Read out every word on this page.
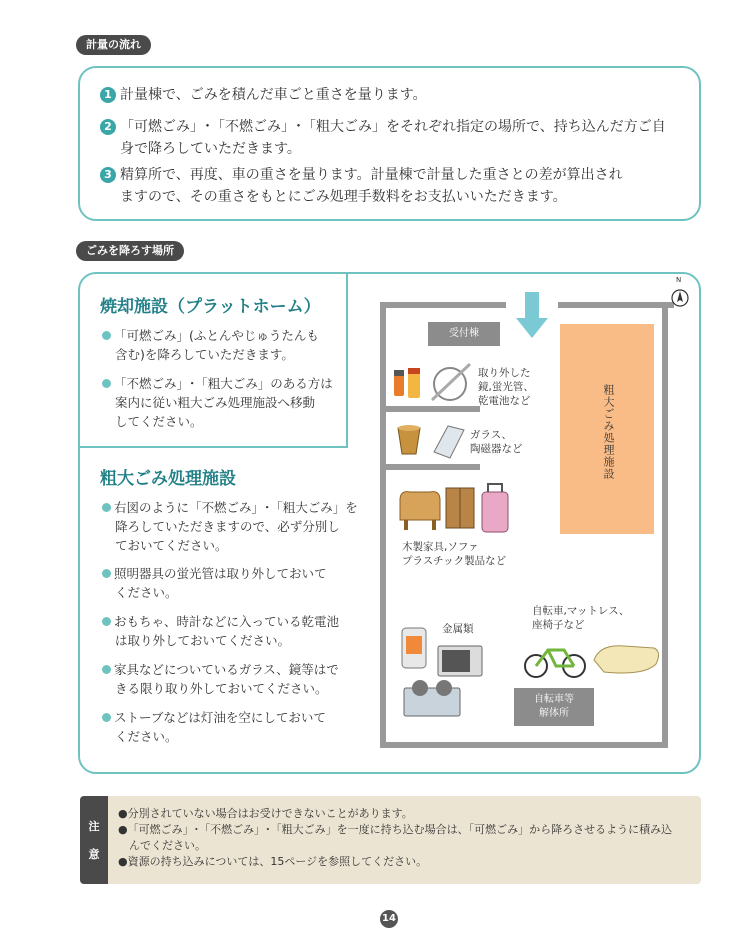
計量の流れ
1 計量棟で、ごみを積んだ車ごと重さを量ります。
2 「可燃ごみ」･「不燃ごみ」･「粗大ごみ」をそれぞれ指定の場所で、持ち込んだ方ご自
身で降ろしていただきます。
3 精算所で、再度、車の重さを量ります。計量棟で計量した重さとの差が算出され
ますので、その重さをもとにごみ処理手数料をお支払いいただきます。
ごみを降ろす場所
焼却施設（プラットホーム）
「可燃ごみ」(ふとんやじゅうたんも
含む)を降ろしていただきます。
「不燃ごみ」･「粗大ごみ」のある方は
案内に従い粗大ごみ処理施設へ移動
してください。
粗大ごみ処理施設
右図のように「不燃ごみ」･「粗大ごみ」を
降ろしていただきますので、必ず分別し
ておいてください。
照明器具の蛍光管は取り外しておいて
ください。
おもちゃ、時計などに入っている乾電池
は取り外しておいてください。
家具などについているガラス、鏡等はで
きる限り取り外しておいてください。
ストーブなどは灯油を空にしておいて
ください。
N
受付棟
粗大ごみ処理施設
取り外した
鏡,蛍光管、
乾電池など
ガラス、
陶磁器など
木製家具,ソファ
プラスチック製品など
金属類
自転車,マットレス、
座椅子など
自転車等
解体所
注
意
●分別されていない場合はお受けできないことがあります。
●「可燃ごみ」･「不燃ごみ」･「粗大ごみ」を一度に持ち込む場合は、「可燃ごみ」から降ろさせるように積み込
　んでください。
●資源の持ち込みについては、15ページを参照してください。
14
